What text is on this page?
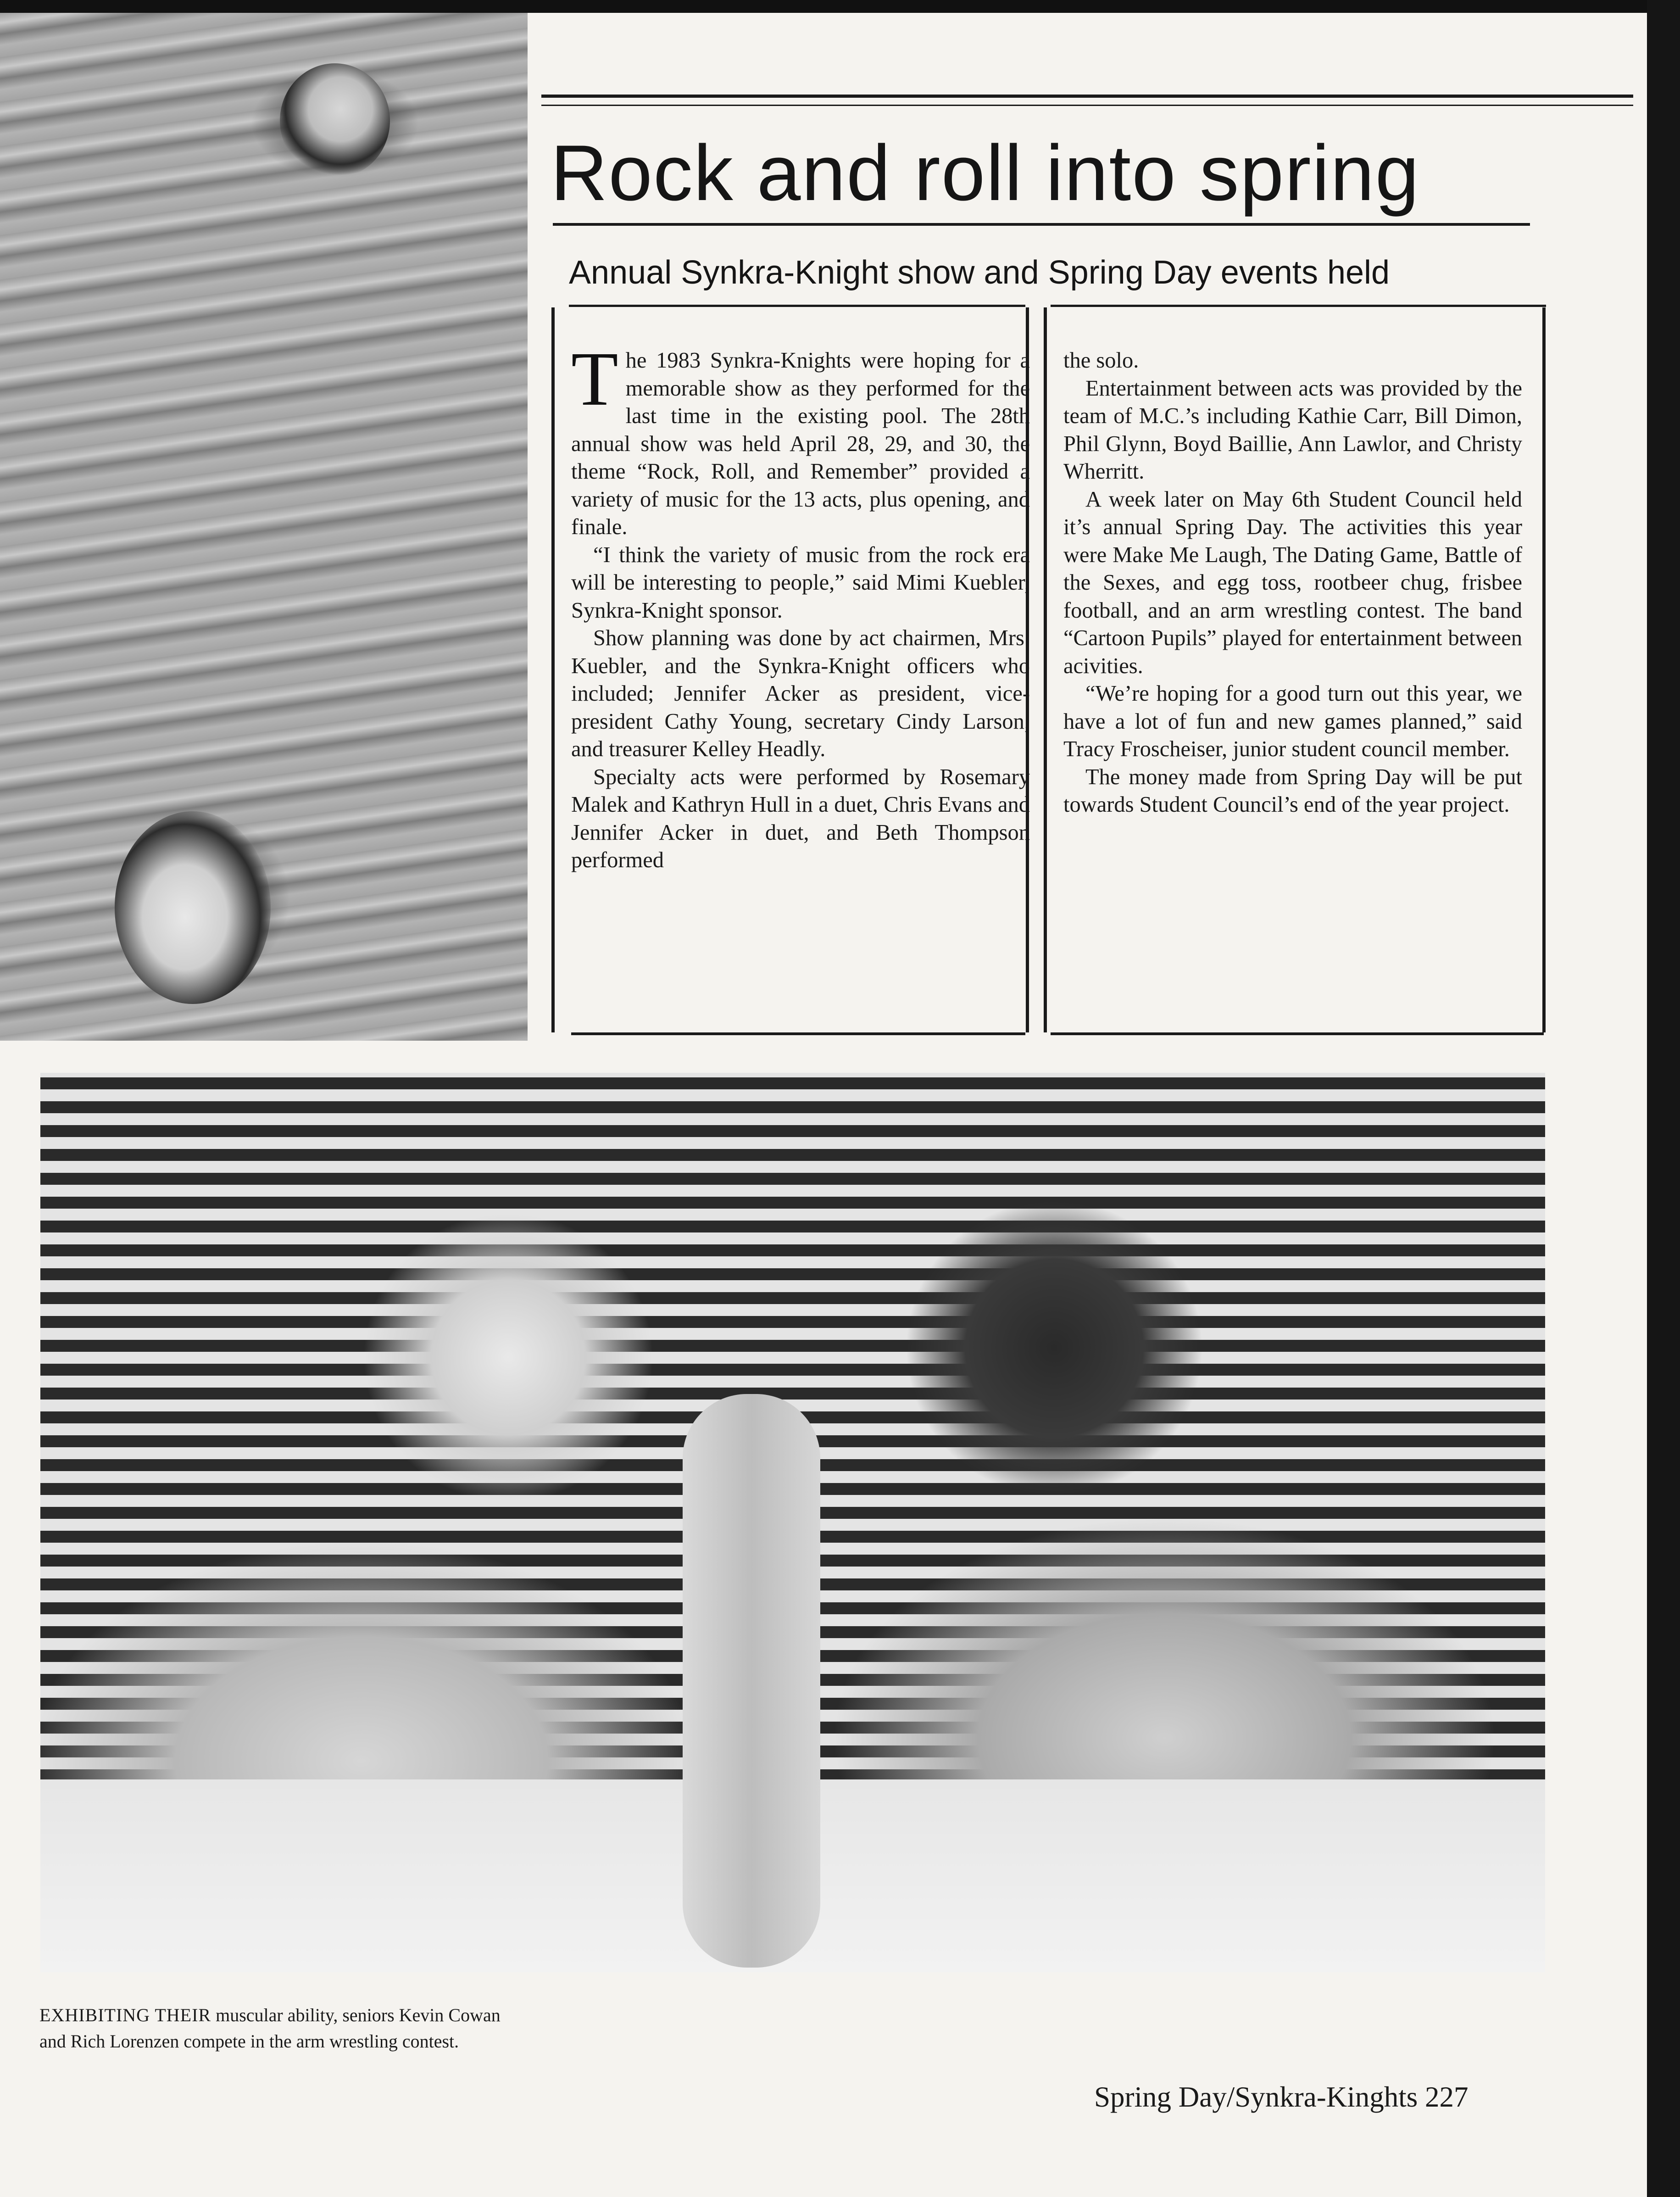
Rock and roll into spring
Annual Synkra-Knight show and Spring Day events held

The 1983 Synkra-Knights were hoping for a memorable show as they performed for the last time in the existing pool. The 28th annual show was held April 28, 29, and 30, the theme “Rock, Roll, and Remember” provided a variety of music for the 13 acts, plus opening, and finale.

“I think the variety of music from the rock era will be interesting to people,” said Mimi Kuebler, Synkra-Knight sponsor.

Show planning was done by act chairmen, Mrs. Kuebler, and the Synkra-Knight officers who included; Jennifer Acker as president, vice-president Cathy Young, secretary Cindy Larson, and treasurer Kelley Headly.

Specialty acts were performed by Rosemary Malek and Kathryn Hull in a duet, Chris Evans and Jennifer Acker in duet, and Beth Thompson performed

the solo.

Entertainment between acts was provided by the team of M.C.’s including Kathie Carr, Bill Dimon, Phil Glynn, Boyd Baillie, Ann Lawlor, and Christy Wherritt.

A week later on May 6th Student Council held it’s annual Spring Day. The activities this year were Make Me Laugh, The Dating Game, Battle of the Sexes, and egg toss, rootbeer chug, frisbee football, and an arm wrestling contest. The band “Cartoon Pupils” played for entertainment between acivities.

“We’re hoping for a good turn out this year, we have a lot of fun and new games planned,” said Tracy Froscheiser, junior student council member.

The money made from Spring Day will be put towards Student Council’s end of the year project.

EXHIBITING THEIR muscular ability, seniors Kevin Cowan and Rich Lorenzen compete in the arm wrestling contest.
Spring Day/Synkra-Kinghts 227
